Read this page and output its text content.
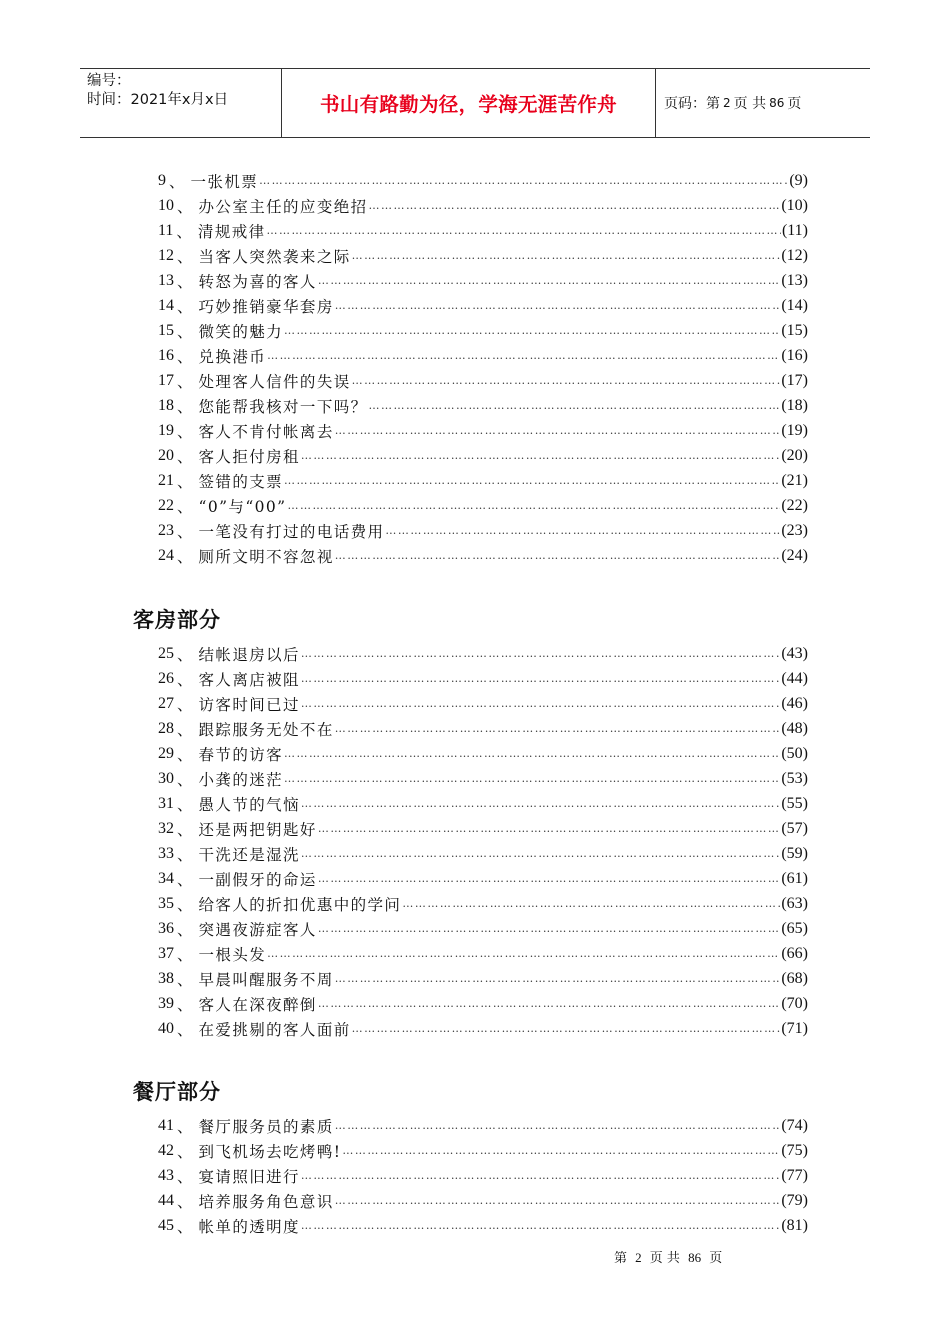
编号：
时间：2021年x月x日	书山有路勤为径，学海无涯苦作舟	页码：第 2 页 共 86 页
9 、 一张机票 …………………………………………………………………………………………………………………………………………………………………………	( 9 )
10 、 办公室主任的应变绝招 …………………………………………………………………………………………………………………………………………………………………………	( 10 )
11 、 清规戒律 …………………………………………………………………………………………………………………………………………………………………………	( 11 )
12 、 当客人突然袭来之际 …………………………………………………………………………………………………………………………………………………………………………	( 12 )
13 、 转怒为喜的客人 …………………………………………………………………………………………………………………………………………………………………………	( 13 )
14 、 巧妙推销豪华套房 …………………………………………………………………………………………………………………………………………………………………………	( 14 )
15 、 微笑的魅力 …………………………………………………………………………………………………………………………………………………………………………	( 15 )
16 、 兑换港币 …………………………………………………………………………………………………………………………………………………………………………	( 16 )
17 、 处理客人信件的失误 …………………………………………………………………………………………………………………………………………………………………………	( 17 )
18 、 您能帮我核对一下吗？ …………………………………………………………………………………………………………………………………………………………………………	( 18 )
19 、 客人不肯付帐离去 …………………………………………………………………………………………………………………………………………………………………………	( 19 )
20 、 客人拒付房租 …………………………………………………………………………………………………………………………………………………………………………	( 20 )
21 、 签错的支票 …………………………………………………………………………………………………………………………………………………………………………	( 21 )
22 、 “0”与“00” …………………………………………………………………………………………………………………………………………………………………………	( 22 )
23 、 一笔没有打过的电话费用 …………………………………………………………………………………………………………………………………………………………………………	( 23 )
24 、 厕所文明不容忽视 …………………………………………………………………………………………………………………………………………………………………………	( 24 )
客房部分
25 、 结帐退房以后 …………………………………………………………………………………………………………………………………………………………………………	( 43 )
26 、 客人离店被阻 …………………………………………………………………………………………………………………………………………………………………………	( 44 )
27 、 访客时间已过 …………………………………………………………………………………………………………………………………………………………………………	( 46 )
28 、 跟踪服务无处不在 …………………………………………………………………………………………………………………………………………………………………………	( 48 )
29 、 春节的访客 …………………………………………………………………………………………………………………………………………………………………………	( 50 )
30 、 小龚的迷茫 …………………………………………………………………………………………………………………………………………………………………………	( 53 )
31 、 愚人节的气恼 …………………………………………………………………………………………………………………………………………………………………………	( 55 )
32 、 还是两把钥匙好 …………………………………………………………………………………………………………………………………………………………………………	( 57 )
33 、 干洗还是湿洗 …………………………………………………………………………………………………………………………………………………………………………	( 59 )
34 、 一副假牙的命运 …………………………………………………………………………………………………………………………………………………………………………	( 61 )
35 、 给客人的折扣优惠中的学问 …………………………………………………………………………………………………………………………………………………………………………	( 63 )
36 、 突遇夜游症客人 …………………………………………………………………………………………………………………………………………………………………………	( 65 )
37 、 一根头发 …………………………………………………………………………………………………………………………………………………………………………	( 66 )
38 、 早晨叫醒服务不周 …………………………………………………………………………………………………………………………………………………………………………	( 68 )
39 、 客人在深夜醉倒 …………………………………………………………………………………………………………………………………………………………………………	( 70 )
40 、 在爱挑剔的客人面前 …………………………………………………………………………………………………………………………………………………………………………	( 71 )
餐厅部分
41 、 餐厅服务员的素质 …………………………………………………………………………………………………………………………………………………………………………	( 74 )
42 、 到飞机场去吃烤鸭! …………………………………………………………………………………………………………………………………………………………………………	( 75 )
43 、 宴请照旧进行 …………………………………………………………………………………………………………………………………………………………………………	( 77 )
44 、 培养服务角色意识 …………………………………………………………………………………………………………………………………………………………………………	( 79 )
45 、 帐单的透明度 …………………………………………………………………………………………………………………………………………………………………………	( 81 )
第 2 页 共 86 页
